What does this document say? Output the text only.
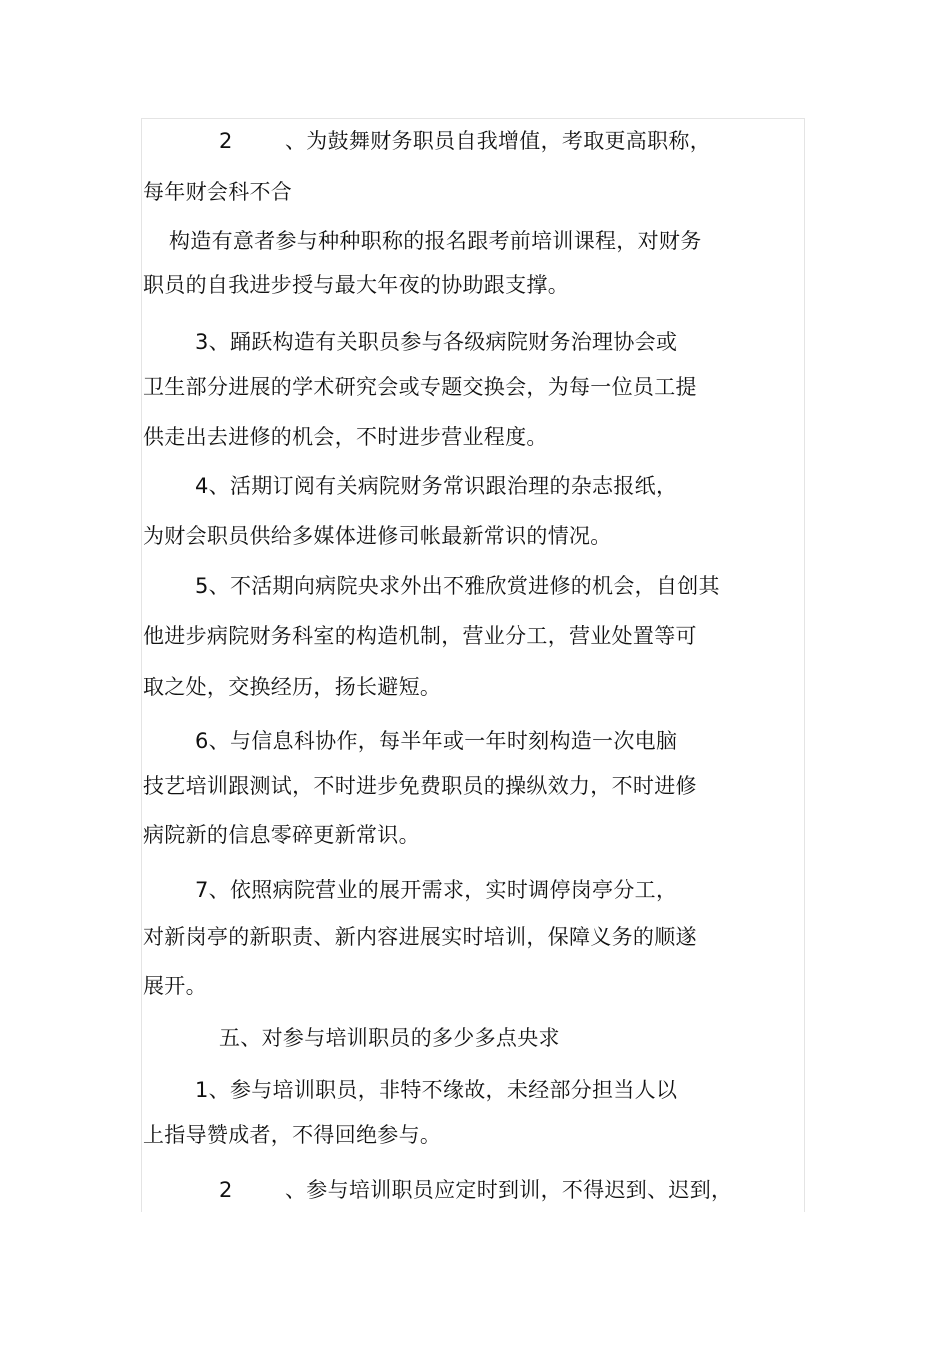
2 、为鼓舞财务职员自我增值，考取更高职称，
每年财会科不合
构造有意者参与种种职称的报名跟考前培训课程，对财务
职员的自我进步授与最大年夜的协助跟支撑。
3、踊跃构造有关职员参与各级病院财务治理协会或
卫生部分进展的学术研究会或专题交换会，为每一位员工提
供走出去进修的机会，不时进步营业程度。
4、活期订阅有关病院财务常识跟治理的杂志报纸，
为财会职员供给多媒体进修司帐最新常识的情况。
5、不活期向病院央求外出不雅欣赏进修的机会，自创其
他进步病院财务科室的构造机制，营业分工，营业处置等可
取之处，交换经历，扬长避短。
6、与信息科协作，每半年或一年时刻构造一次电脑
技艺培训跟测试，不时进步免费职员的操纵效力，不时进修
病院新的信息零碎更新常识。
7、依照病院营业的展开需求，实时调停岗亭分工，
对新岗亭的新职责、新内容进展实时培训，保障义务的顺遂
展开。
五、对参与培训职员的多少多点央求
1、参与培训职员，非特不缘故，未经部分担当人以
上指导赞成者，不得回绝参与。
2 、参与培训职员应定时到训，不得迟到、迟到，
